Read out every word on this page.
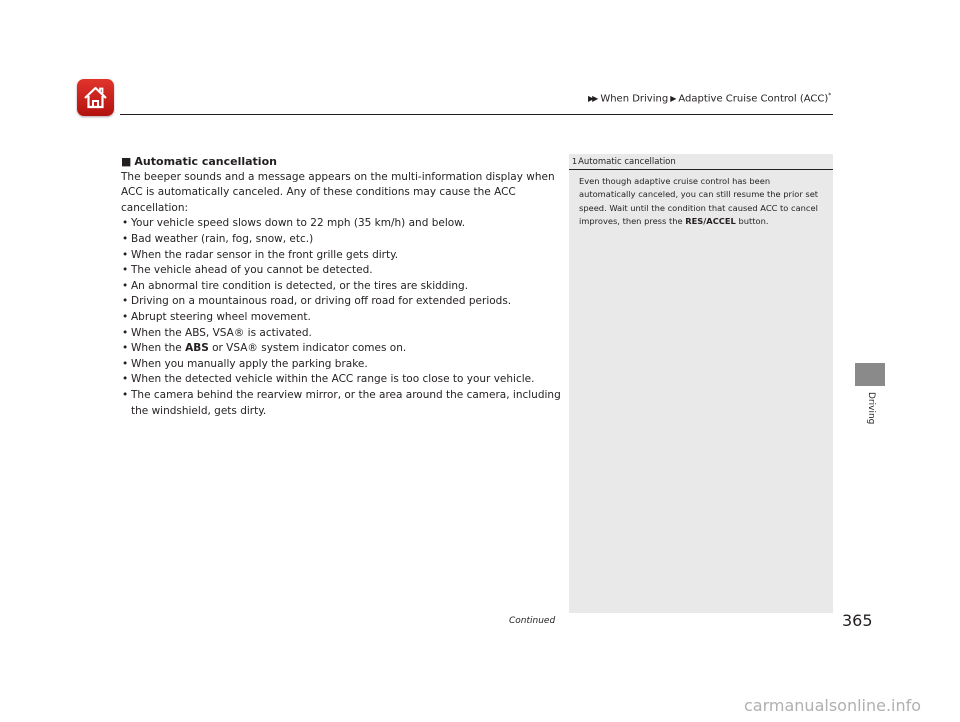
▶▶ When Driving ▶ Adaptive Cruise Control (ACC)*
■ Automatic cancellation

The beeper sounds and a message appears on the multi-information display when ACC is automatically canceled. Any of these conditions may cause the ACC cancellation:

• Your vehicle speed slows down to 22 mph (35 km/h) and below.
• Bad weather (rain, fog, snow, etc.)
• When the radar sensor in the front grille gets dirty.
• The vehicle ahead of you cannot be detected.
• An abnormal tire condition is detected, or the tires are skidding.
• Driving on a mountainous road, or driving off road for extended periods.
• Abrupt steering wheel movement.
• When the ABS, VSA® is activated.
• When the ABS or VSA® system indicator comes on.
• When you manually apply the parking brake.
• When the detected vehicle within the ACC range is too close to your vehicle.
• The camera behind the rearview mirror, or the area around the camera, including the windshield, gets dirty.
1Automatic cancellation
Even though adaptive cruise control has been automatically canceled, you can still resume the prior set speed. Wait until the condition that caused ACC to cancel improves, then press the RES/ACCEL button.
Driving
Continued	365
carmanualsonline.info
